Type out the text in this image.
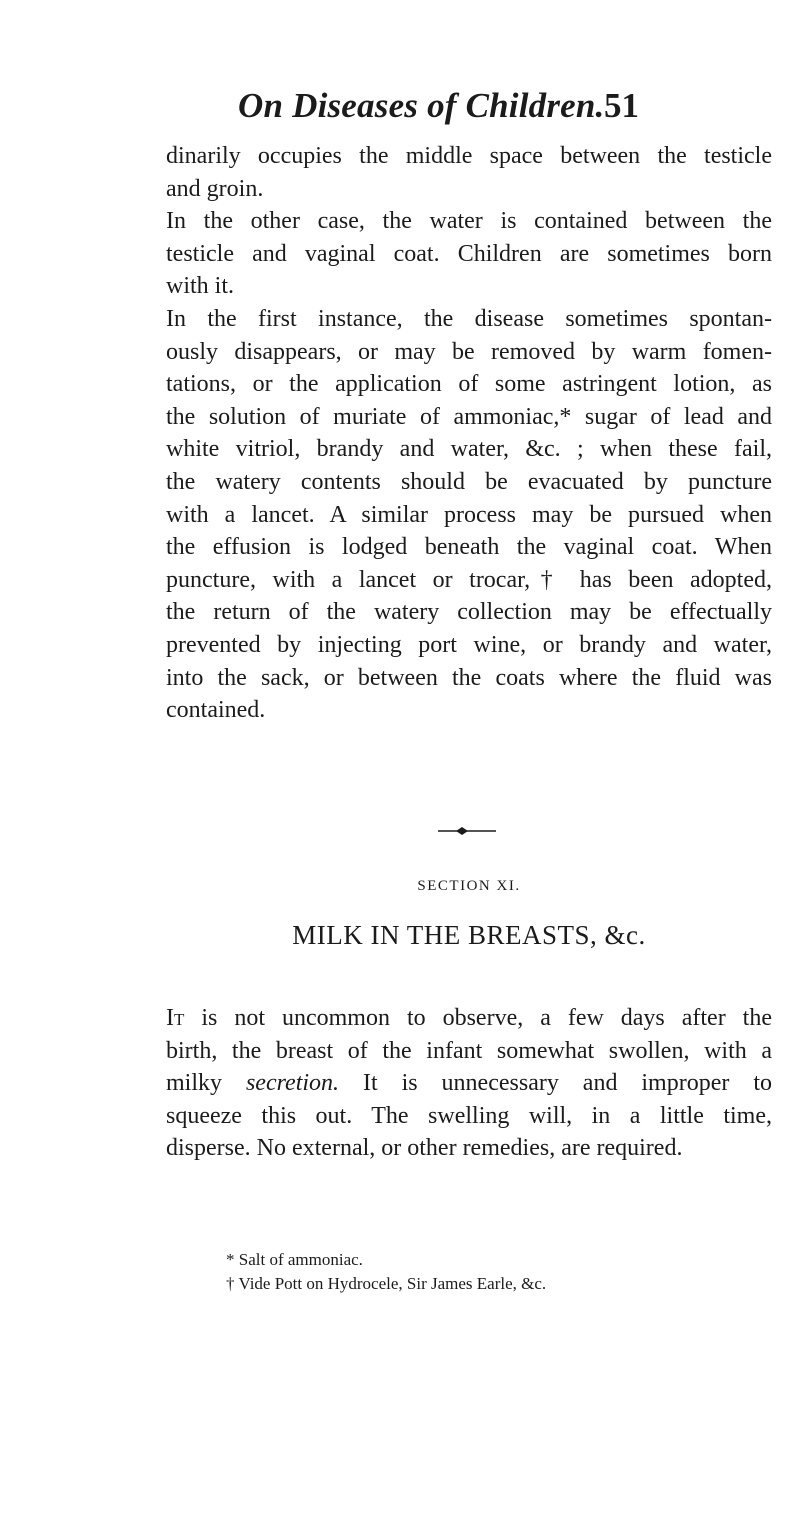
On Diseases of Children. 51
dinarily occupies the middle space between the testicle
and groin.
In the other case, the water is contained between the
testicle and vaginal coat. Children are sometimes born
with it.
In the first instance, the disease sometimes spontan-
ously disappears, or may be removed by warm fomen-
tations, or the application of some astringent lotion, as
the solution of muriate of ammoniac,* sugar of lead and
white vitriol, brandy and water, &c. ; when these fail,
the watery contents should be evacuated by puncture
with a lancet. A similar process may be pursued when
the effusion is lodged beneath the vaginal coat. When
puncture, with a lancet or trocar,† has been adopted,
the return of the watery collection may be effectually
prevented by injecting port wine, or brandy and water,
into the sack, or between the coats where the fluid was
contained.
SECTION XI.
MILK IN THE BREASTS, &c.
It is not uncommon to observe, a few days after the
birth, the breast of the infant somewhat swollen, with a
milky secretion. It is unnecessary and improper to
squeeze this out. The swelling will, in a little time,
disperse. No external, or other remedies, are required.
* Salt of ammoniac.
† Vide Pott on Hydrocele, Sir James Earle, &c.
